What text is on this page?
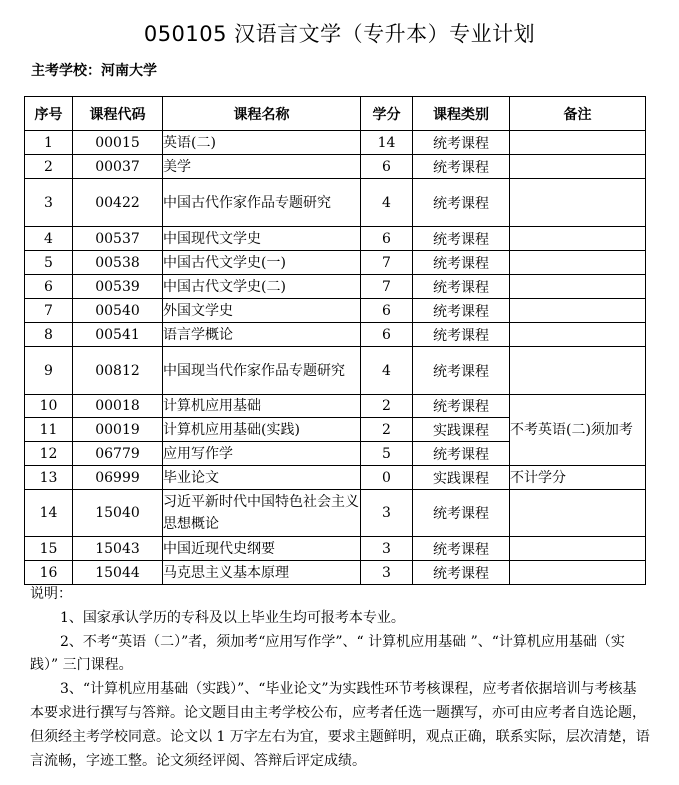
050105 汉语言文学（专升本）专业计划
主考学校：河南大学
序号	课程代码	课程名称	学分	课程类别	备注
1	00015	英语(二)	14	统考课程	
2	00037	美学	6	统考课程	
3	00422	中国古代作家作品专题研究	4	统考课程	
4	00537	中国现代文学史	6	统考课程	
5	00538	中国古代文学史(一)	7	统考课程	
6	00539	中国古代文学史(二)	7	统考课程	
7	00540	外国文学史	6	统考课程	
8	00541	语言学概论	6	统考课程	
9	00812	中国现当代作家作品专题研究	4	统考课程	
10	00018	计算机应用基础	2	统考课程	不考英语(二)须加考
11	00019	计算机应用基础(实践)	2	实践课程	
12	06779	应用写作学	5	统考课程	
13	06999	毕业论文	0	实践课程	不计学分
14	15040	习近平新时代中国特色社会主义思想概论	3	统考课程	
15	15043	中国近现代史纲要	3	统考课程	
16	15044	马克思主义基本原理	3	统考课程	

说明：

1、国家承认学历的专科及以上毕业生均可报考本专业。

2、不考“英语（二）”者，须加考“应用写作学”、“ 计算机应用基础 ”、“计算机应用基础（实践）” 三门课程。

3、“计算机应用基础（实践）”、“毕业论文”为实践性环节考核课程，应考者依据培训与考核基本要求进行撰写与答辩。论文题目由主考学校公布，应考者任选一题撰写，亦可由应考者自选论题，但须经主考学校同意。论文以 1 万字左右为宜，要求主题鲜明，观点正确，联系实际，层次清楚，语言流畅，字迹工整。论文须经评阅、答辩后评定成绩。
